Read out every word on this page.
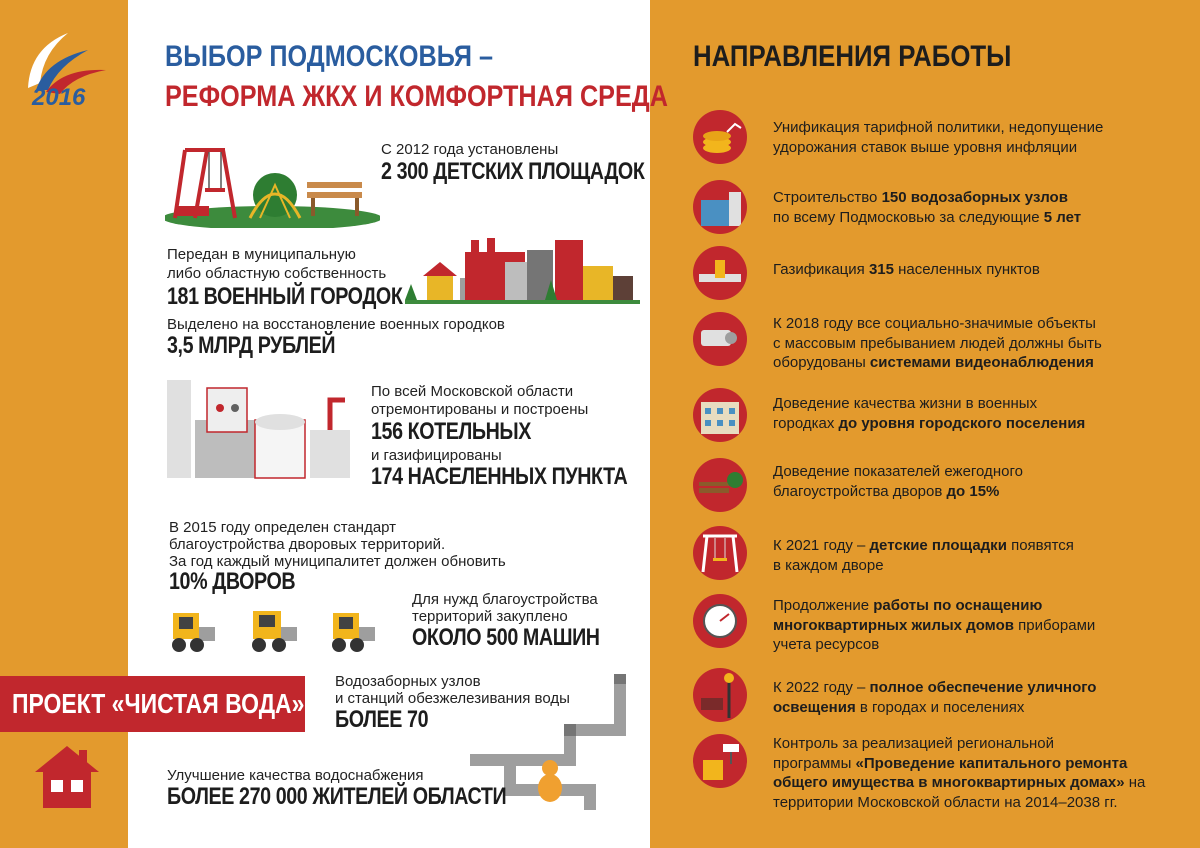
2016
ВЫБОР ПОДМОСКОВЬЯ –
РЕФОРМА ЖКХ И КОМФОРТНАЯ СРЕДА
С 2012 года установлены
2 300 ДЕТСКИХ ПЛОЩАДОК
Передан в муниципальную
либо областную собственность
181 ВОЕННЫЙ ГОРОДОК
Выделено на восстановление военных городков
3,5 МЛРД РУБЛЕЙ
По всей Московской области
отремонтированы и построены
156 КОТЕЛЬНЫХ
и газифицированы
174 НАСЕЛЕННЫХ ПУНКТА
В 2015 году определен стандарт
благоустройства дворовых территорий.
За год каждый муниципалитет должен обновить
10% ДВОРОВ
Для нужд благоустройства
территорий закуплено
ОКОЛО 500 МАШИН
ПРОЕКТ «ЧИСТАЯ ВОДА»
Водозаборных узлов
и станций обезжелезивания воды
БОЛЕЕ 70
Улучшение качества водоснабжения
БОЛЕЕ 270 000 ЖИТЕЛЕЙ ОБЛАСТИ
НАПРАВЛЕНИЯ РАБОТЫ
Унификация тарифной политики, недопущение
удорожания ставок выше уровня инфляции
Строительство 150 водозаборных узлов
по всему Подмосковью за следующие 5 лет
Газификация 315 населенных пунктов
К 2018 году все социально-значимые объекты
с массовым пребыванием людей должны быть
оборудованы системами видеонаблюдения
Доведение качества жизни в военных
городках до уровня городского поселения
Доведение показателей ежегодного
благоустройства дворов до 15%
К 2021 году – детские площадки появятся
в каждом дворе
Продолжение работы по оснащению
многоквартирных жилых домов приборами
учета ресурсов
К 2022 году – полное обеспечение уличного
освещения в городах и поселениях
Контроль за реализацией региональной
программы «Проведение капитального ремонта
общего имущества в многоквартирных домах» на
территории Московской области на 2014–2038 гг.
